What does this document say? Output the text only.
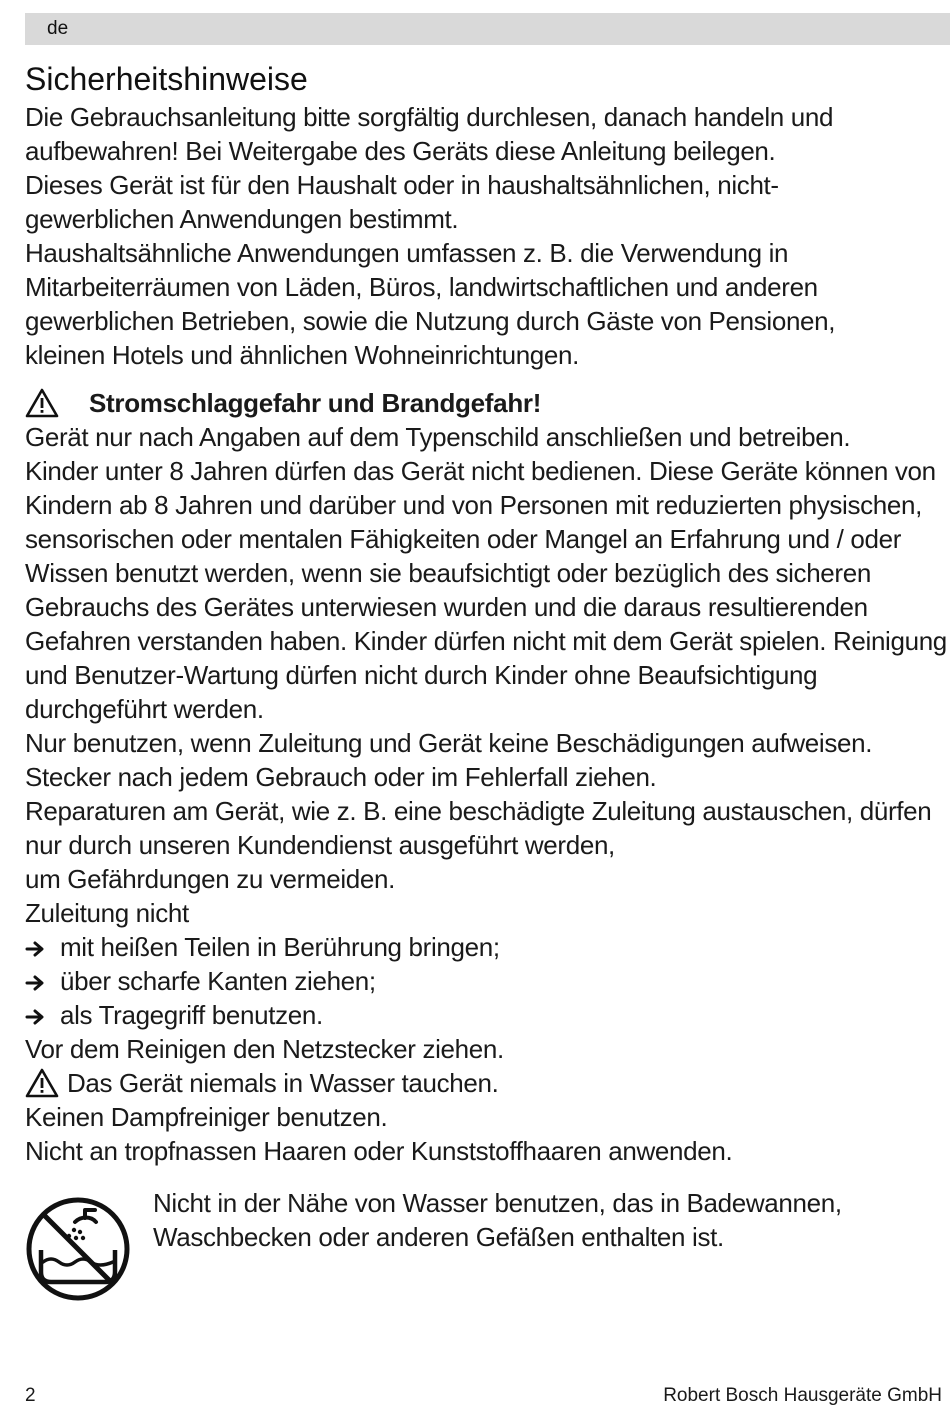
de
Sicherheitshinweise

Die Gebrauchsanleitung bitte sorgfältig durchlesen, danach handeln und
aufbewahren! Bei Weitergabe des Geräts diese Anleitung beilegen.

Dieses Gerät ist für den Haushalt oder in haushaltsähnlichen, nicht-
gewerblichen Anwendungen bestimmt.

Haushaltsähnliche Anwendungen umfassen z. B. die Verwendung in
Mitarbeiterräumen von Läden, Büros, landwirtschaftlichen und anderen
gewerblichen Betrieben, sowie die Nutzung durch Gäste von Pensionen,
kleinen Hotels und ähnlichen Wohneinrichtungen.

Stromschlaggefahr und Brandgefahr!

Gerät nur nach Angaben auf dem Typenschild anschließen und betreiben.

Kinder unter 8 Jahren dürfen das Gerät nicht bedienen. Diese Geräte können von Kindern ab 8 Jahren und darüber und von Personen mit reduzierten physischen, sensorischen oder mentalen Fähigkeiten oder Mangel an Erfahrung und / oder Wissen benutzt werden, wenn sie beaufsichtigt oder bezüglich des sicheren Gebrauchs des Gerätes unterwiesen wurden und die daraus resultierenden Gefahren verstanden haben. Kinder dürfen nicht mit dem Gerät spielen. Reinigung und Benutzer-Wartung dürfen nicht durch Kinder ohne Beaufsichtigung durchgeführt werden.

Nur benutzen, wenn Zuleitung und Gerät keine Beschädigungen aufweisen. Stecker nach jedem Gebrauch oder im Fehlerfall ziehen.

Reparaturen am Gerät, wie z. B. eine beschädigte Zuleitung austauschen, dürfen nur durch unseren Kundendienst ausgeführt werden,
um Gefährdungen zu vermeiden.

Zuleitung nicht

mit heißen Teilen in Berührung bringen;
über scharfe Kanten ziehen;
als Tragegriff benutzen.

Vor dem Reinigen den Netzstecker ziehen.

Das Gerät niemals in Wasser tauchen.

Keinen Dampfreiniger benutzen.

Nicht an tropfnassen Haaren oder Kunststoffhaaren anwenden.

Nicht in der Nähe von Wasser benutzen, das in Badewannen,
Waschbecken oder anderen Gefäßen enthalten ist.

2	Robert Bosch Hausgeräte GmbH
